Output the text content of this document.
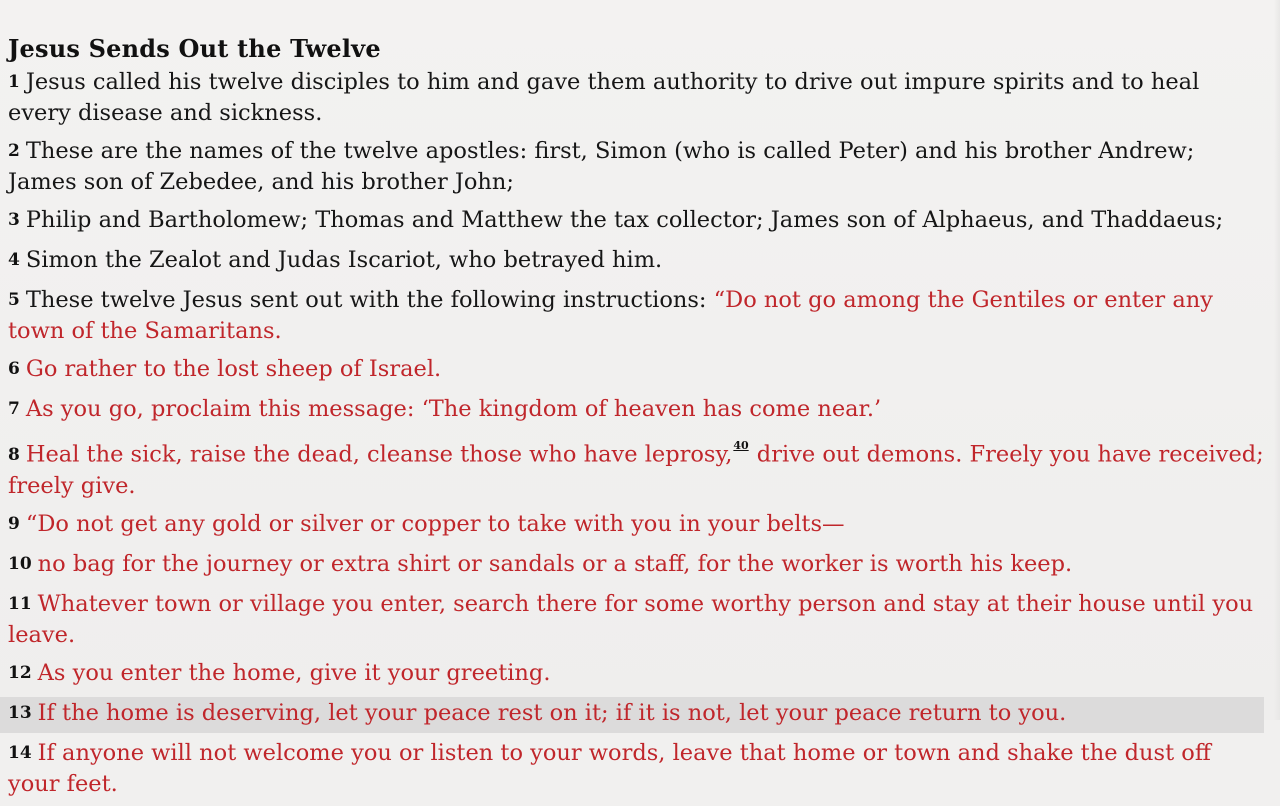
Jesus Sends Out the Twelve
1 Jesus called his twelve disciples to him and gave them authority to drive out impure spirits and to heal every disease and sickness.
2 These are the names of the twelve apostles: first, Simon (who is called Peter) and his brother Andrew; James son of Zebedee, and his brother John;
3 Philip and Bartholomew; Thomas and Matthew the tax collector; James son of Alphaeus, and Thaddaeus;
4 Simon the Zealot and Judas Iscariot, who betrayed him.
5 These twelve Jesus sent out with the following instructions: “Do not go among the Gentiles or enter any town of the Samaritans.
6 Go rather to the lost sheep of Israel.
7 As you go, proclaim this message: ‘The kingdom of heaven has come near.’
8 Heal the sick, raise the dead, cleanse those who have leprosy,$^{40}$ drive out demons. Freely you have received; freely give.
9 “Do not get any gold or silver or copper to take with you in your belts—
10 no bag for the journey or extra shirt or sandals or a staff, for the worker is worth his keep.
11 Whatever town or village you enter, search there for some worthy person and stay at their house until you leave.
12 As you enter the home, give it your greeting.
13 If the home is deserving, let your peace rest on it; if it is not, let your peace return to you.
14 If anyone will not welcome you or listen to your words, leave that home or town and shake the dust off your feet.
